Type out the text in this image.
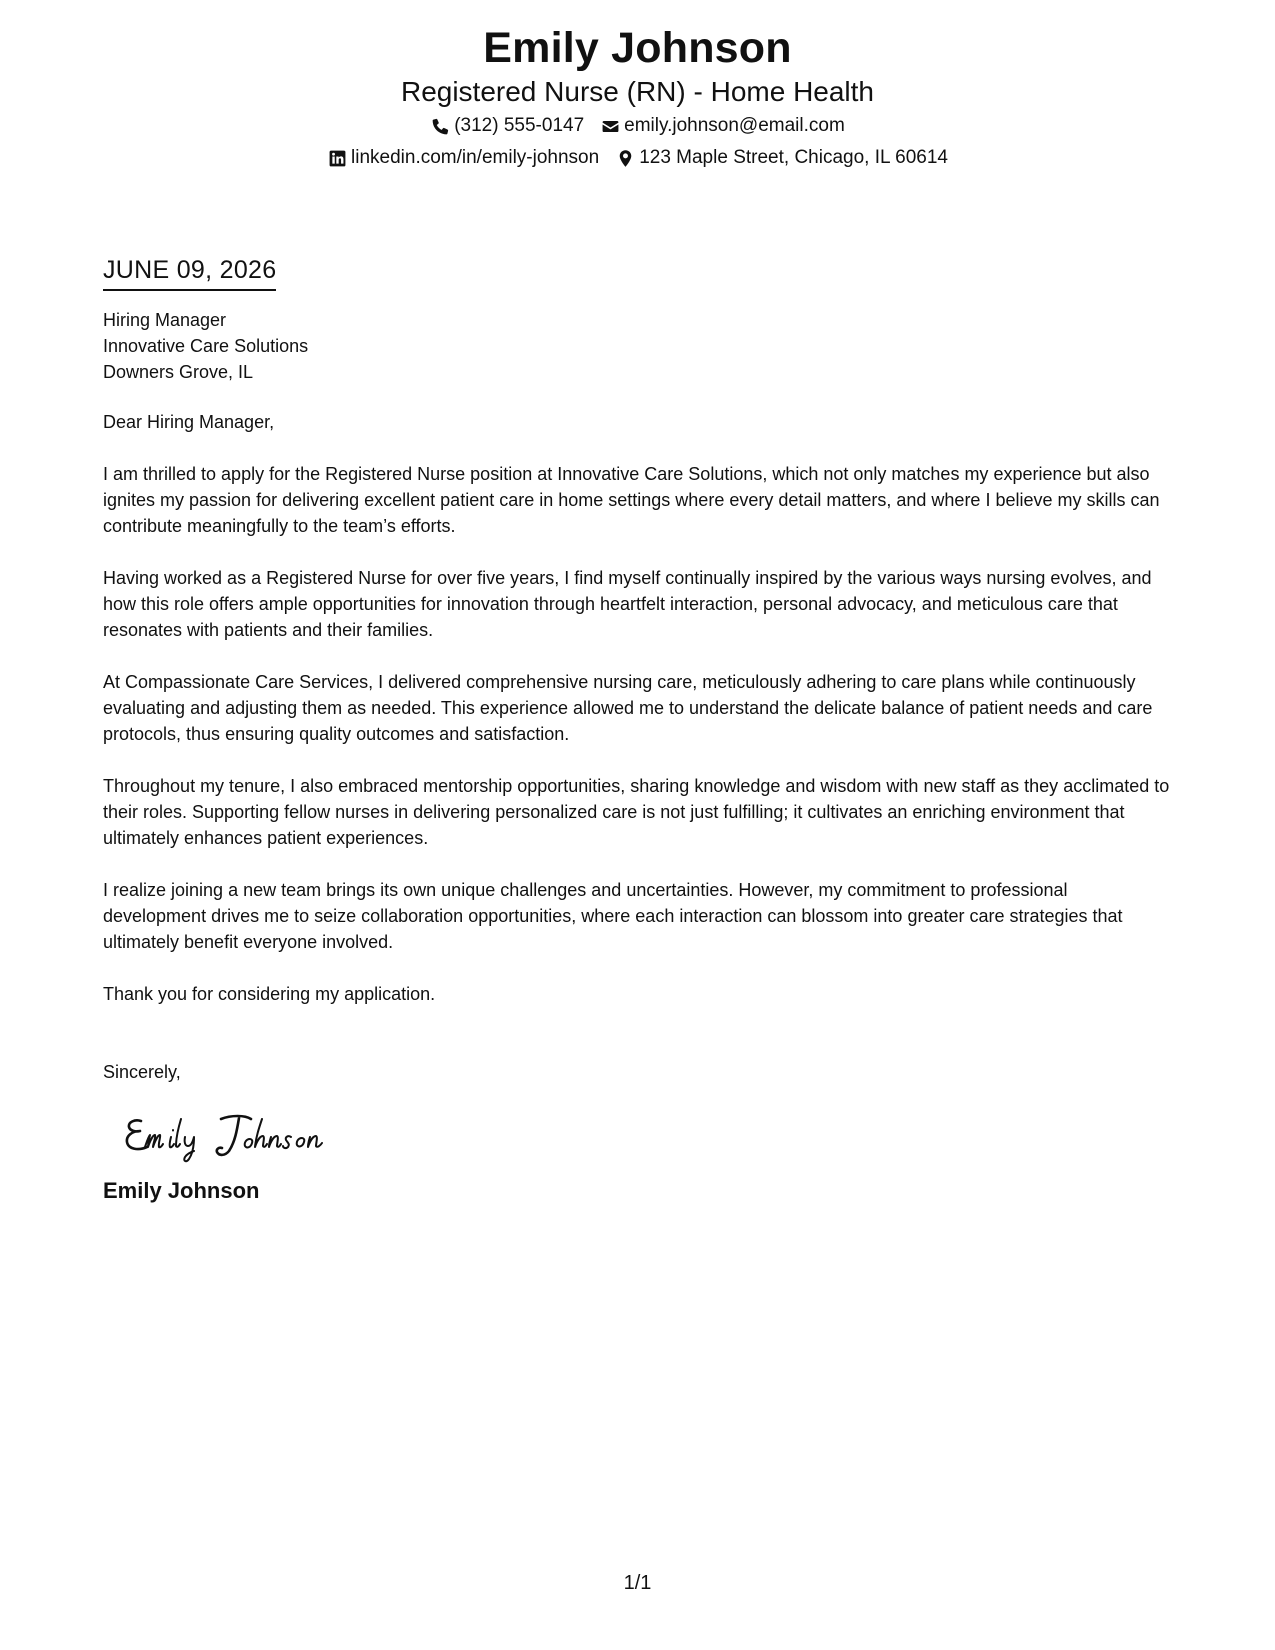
Emily Johnson
Registered Nurse (RN) - Home Health
(312) 555-0147 emily.johnson@email.com
linkedin.com/in/emily-johnson 123 Maple Street, Chicago, IL 60614
JUNE 09, 2026
Hiring Manager
Innovative Care Solutions
Downers Grove, IL
Dear Hiring Manager,
I am thrilled to apply for the Registered Nurse position at Innovative Care Solutions, which not only matches my experience but also ignites my passion for delivering excellent patient care in home settings where every detail matters, and where I believe my skills can contribute meaningfully to the team’s efforts.
Having worked as a Registered Nurse for over five years, I find myself continually inspired by the various ways nursing evolves, and how this role offers ample opportunities for innovation through heartfelt interaction, personal advocacy, and meticulous care that resonates with patients and their families.
At Compassionate Care Services, I delivered comprehensive nursing care, meticulously adhering to care plans while continuously evaluating and adjusting them as needed. This experience allowed me to understand the delicate balance of patient needs and care protocols, thus ensuring quality outcomes and satisfaction.
Throughout my tenure, I also embraced mentorship opportunities, sharing knowledge and wisdom with new staff as they acclimated to their roles. Supporting fellow nurses in delivering personalized care is not just fulfilling; it cultivates an enriching environment that ultimately enhances patient experiences.
I realize joining a new team brings its own unique challenges and uncertainties. However, my commitment to professional development drives me to seize collaboration opportunities, where each interaction can blossom into greater care strategies that ultimately benefit everyone involved.
Thank you for considering my application.
Sincerely,
Emily Johnson
1/1
